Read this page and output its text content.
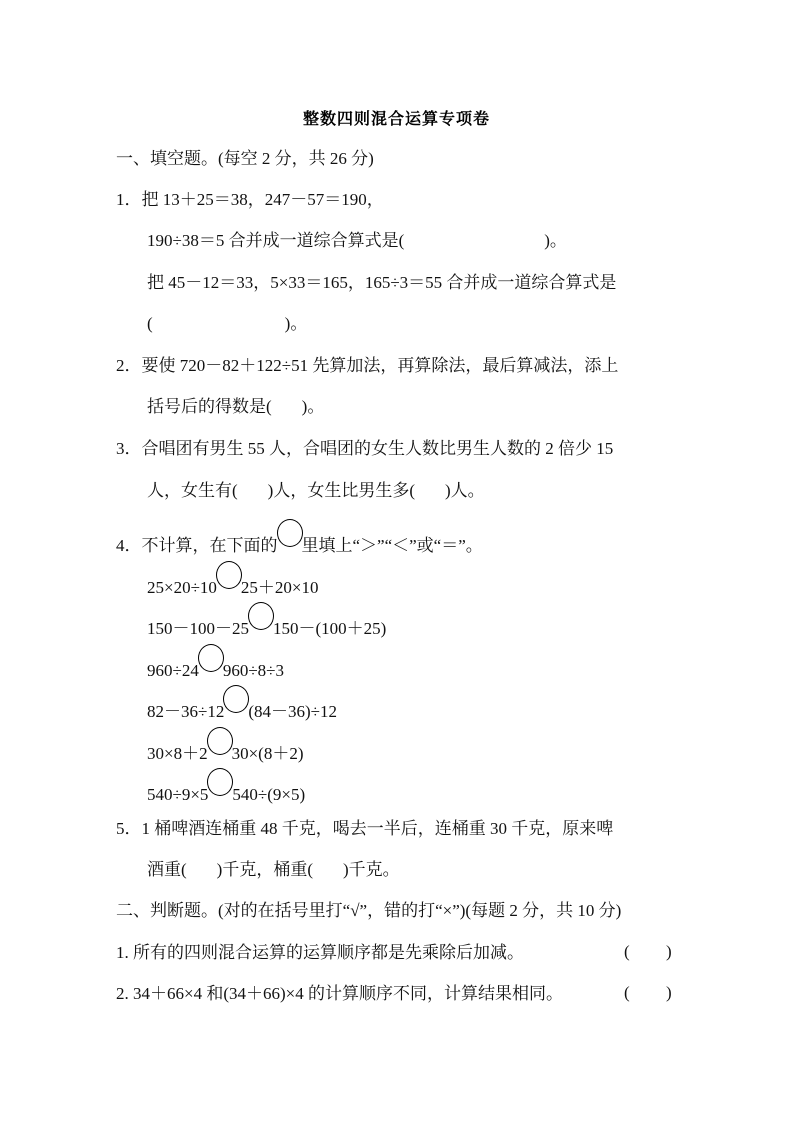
整数四则混合运算专项卷
一、填空题。(每空 2 分，共 26 分)
1．把 13＋25＝38，247－57＝190，
190÷38＝5 合并成一道综合算式是(	)。
把 45－12＝33，5×33＝165，165÷3＝55 合并成一道综合算式是
(	)。
2．要使 720－82＋122÷51 先算加法，再算除法，最后算减法，添上
括号后的得数是( )。
3．合唱团有男生 55 人，合唱团的女生人数比男生人数的 2 倍少 15
人，女生有( )人，女生比男生多( )人。
4．不计算，在下面的 里填上“＞”“＜”或“＝”。
25×20÷10 25＋20×10
150－100－25 150－(100＋25)
960÷24 960÷8÷3
82－36÷12 (84－36)÷12
30×8＋2 30×(8＋2)
540÷9×5 540÷(9×5)
5．1 桶啤酒连桶重 48 千克，喝去一半后，连桶重 30 千克，原来啤
酒重( )千克，桶重( )千克。
二、判断题。(对的在括号里打“√”，错的打“×”)(每题 2 分，共 10 分)
1. 所有的四则混合运算的运算顺序都是先乘除后加减。	( )
2. 34＋66×4 和(34＋66)×4 的计算顺序不同，计算结果相同。	( )
